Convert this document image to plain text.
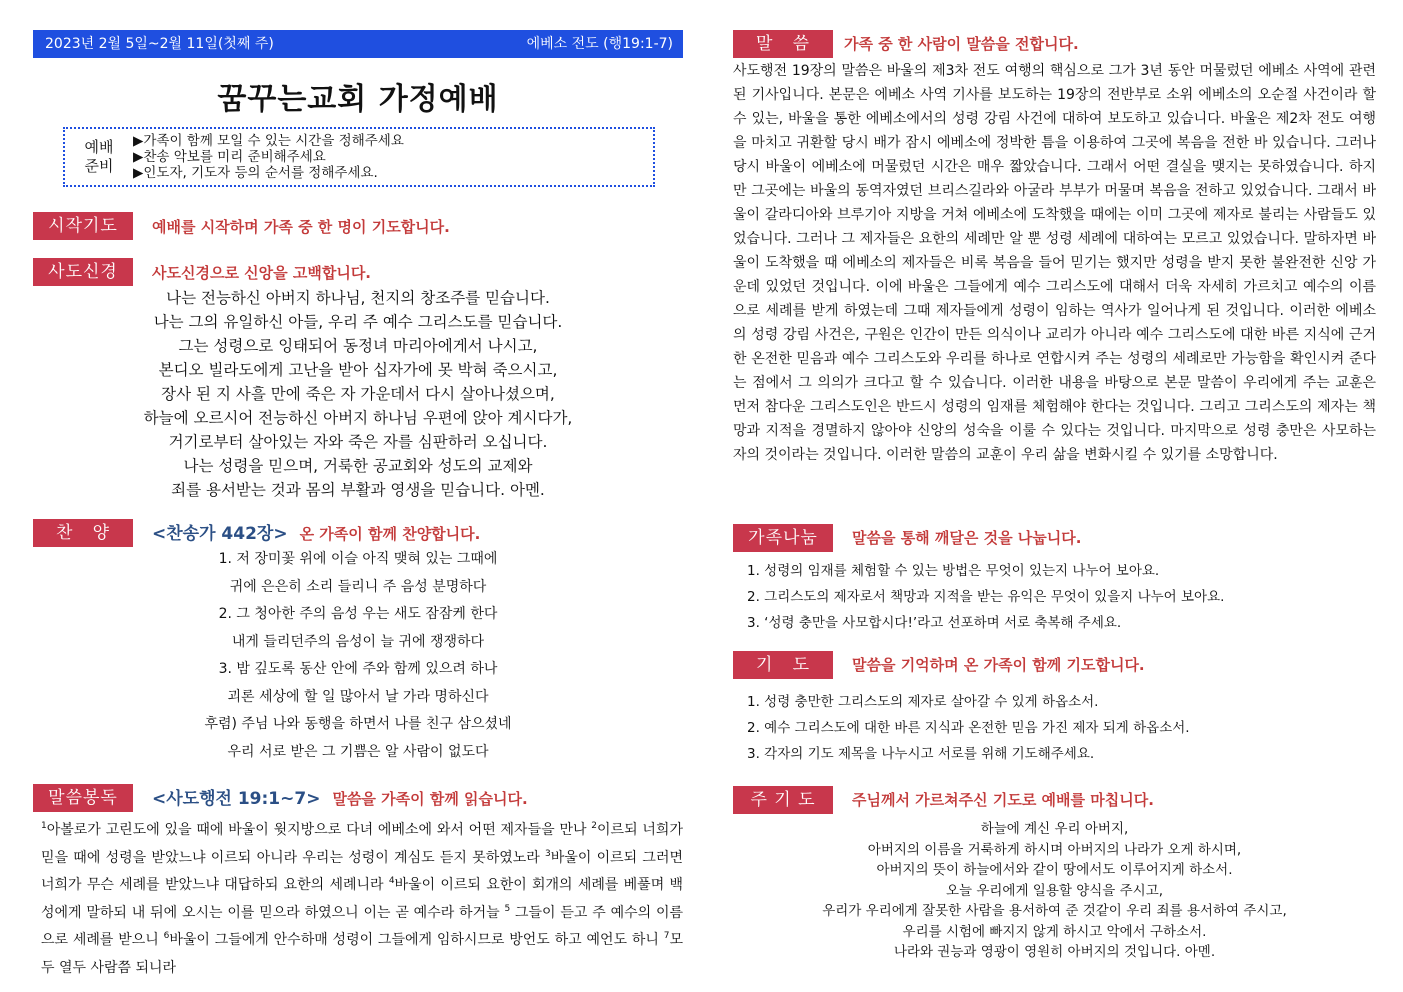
2023년 2월 5일~2월 11일(첫째 주)	에베소 전도 (행19:1-7)
꿈꾸는교회 가정예배
예배
준비
▶가족이 함께 모일 수 있는 시간을 정해주세요
▶찬송 악보를 미리 준비해주세요
▶인도자, 기도자 등의 순서를 정해주세요.
시작기도	예배를 시작하며 가족 중 한 명이 기도합니다.
사도신경	사도신경으로 신앙을 고백합니다.
나는 전능하신 아버지 하나님, 천지의 창조주를 믿습니다.
나는 그의 유일하신 아들, 우리 주 예수 그리스도를 믿습니다.
그는 성령으로 잉태되어 동정녀 마리아에게서 나시고,
본디오 빌라도에게 고난을 받아 십자가에 못 박혀 죽으시고,
장사 된 지 사흘 만에 죽은 자 가운데서 다시 살아나셨으며,
하늘에 오르시어 전능하신 아버지 하나님 우편에 앉아 계시다가,
거기로부터 살아있는 자와 죽은 자를 심판하러 오십니다.
나는 성령을 믿으며, 거룩한 공교회와 성도의 교제와
죄를 용서받는 것과 몸의 부활과 영생을 믿습니다. 아멘.
찬   양	<찬송가 442장> 온 가족이 함께 찬양합니다.
1. 저 장미꽃 위에 이슬 아직 맺혀 있는 그때에
귀에 은은히 소리 들리니 주 음성 분명하다
2. 그 청아한 주의 음성 우는 새도 잠잠케 한다
내게 들리던주의 음성이 늘 귀에 쟁쟁하다
3. 밤 깊도록 동산 안에 주와 함께 있으려 하나
괴론 세상에 할 일 많아서 날 가라 명하신다
후렴) 주님 나와 동행을 하면서 나를 친구 삼으셨네
우리 서로 받은 그 기쁨은 알 사람이 없도다
말씀봉독	<사도행전 19:1~7> 말씀을 가족이 함께 읽습니다.
$^1$아볼로가 고린도에 있을 때에 바울이 윗지방으로 다녀 에베소에 와서 어떤 제자들을 만나 $^2$이르되 너희가 믿을 때에 성령을 받았느냐 이르되 아니라 우리는 성령이 계심도 듣지 못하였노라 $^3$바울이 이르되 그러면 너희가 무슨 세례를 받았느냐 대답하되 요한의 세례니라 $^4$바울이 이르되 요한이 회개의 세례를 베풀며 백성에게 말하되 내 뒤에 오시는 이를 믿으라 하였으니 이는 곧 예수라 하거늘 $^5$ 그들이 듣고 주 예수의 이름으로 세례를 받으니 $^6$바울이 그들에게 안수하매 성령이 그들에게 임하시므로 방언도 하고 예언도 하니 $^7$모두 열두 사람쯤 되니라
말   씀	가족 중 한 사람이 말씀을 전합니다.
사도행전 19장의 말씀은 바울의 제3차 전도 여행의 핵심으로 그가 3년 동안 머물렀던 에베소 사역에 관련된 기사입니다. 본문은 에베소 사역 기사를 보도하는 19장의 전반부로 소위 에베소의 오순절 사건이라 할 수 있는, 바울을 통한 에베소에서의 성령 강림 사건에 대하여 보도하고 있습니다. 바울은 제2차 전도 여행을 마치고 귀환할 당시 배가 잠시 에베소에 정박한 틈을 이용하여 그곳에 복음을 전한 바 있습니다. 그러나 당시 바울이 에베소에 머물렀던 시간은 매우 짧았습니다. 그래서 어떤 결실을 맺지는 못하였습니다. 하지만 그곳에는 바울의 동역자였던 브리스길라와 아굴라 부부가 머물며 복음을 전하고 있었습니다. 그래서 바울이 갈라디아와 브루기아 지방을 거쳐 에베소에 도착했을 때에는 이미 그곳에 제자로 불리는 사람들도 있었습니다. 그러나 그 제자들은 요한의 세례만 알 뿐 성령 세례에 대하여는 모르고 있었습니다. 말하자면 바울이 도착했을 때 에베소의 제자들은 비록 복음을 들어 믿기는 했지만 성령을 받지 못한 불완전한 신앙 가운데 있었던 것입니다. 이에 바울은 그들에게 예수 그리스도에 대해서 더욱 자세히 가르치고 예수의 이름으로 세례를 받게 하였는데 그때 제자들에게 성령이 임하는 역사가 일어나게 된 것입니다. 이러한 에베소의 성령 강림 사건은, 구원은 인간이 만든 의식이나 교리가 아니라 예수 그리스도에 대한 바른 지식에 근거한 온전한 믿음과 예수 그리스도와 우리를 하나로 연합시켜 주는 성령의 세례로만 가능함을 확인시켜 준다는 점에서 그 의의가 크다고 할 수 있습니다. 이러한 내용을 바탕으로 본문 말씀이 우리에게 주는 교훈은 먼저 참다운 그리스도인은 반드시 성령의 임재를 체험해야 한다는 것입니다. 그리고 그리스도의 제자는 책망과 지적을 경멸하지 않아야 신앙의 성숙을 이룰 수 있다는 것입니다. 마지막으로 성령 충만은 사모하는 자의 것이라는 것입니다. 이러한 말씀의 교훈이 우리 삶을 변화시킬 수 있기를 소망합니다.
가족나눔	말씀을 통해 깨달은 것을 나눕니다.
1. 성령의 임재를 체험할 수 있는 방법은 무엇이 있는지 나누어 보아요.
2. 그리스도의 제자로서 책망과 지적을 받는 유익은 무엇이 있을지 나누어 보아요.
3. ‘성령 충만을 사모합시다!’라고 선포하며 서로 축복해 주세요.
기   도	말씀을 기억하며 온 가족이 함께 기도합니다.
1. 성령 충만한 그리스도의 제자로 살아갈 수 있게 하옵소서.
2. 예수 그리스도에 대한 바른 지식과 온전한 믿음 가진 제자 되게 하옵소서.
3. 각자의 기도 제목을 나누시고 서로를 위해 기도해주세요.
주 기 도	주님께서 가르쳐주신 기도로 예배를 마칩니다.
하늘에 계신 우리 아버지,
아버지의 이름을 거룩하게 하시며 아버지의 나라가 오게 하시며,
아버지의 뜻이 하늘에서와 같이 땅에서도 이루어지게 하소서.
오늘 우리에게 일용할 양식을 주시고,
우리가 우리에게 잘못한 사람을 용서하여 준 것같이 우리 죄를 용서하여 주시고,
우리를 시험에 빠지지 않게 하시고 악에서 구하소서.
나라와 권능과 영광이 영원히 아버지의 것입니다. 아멘.
